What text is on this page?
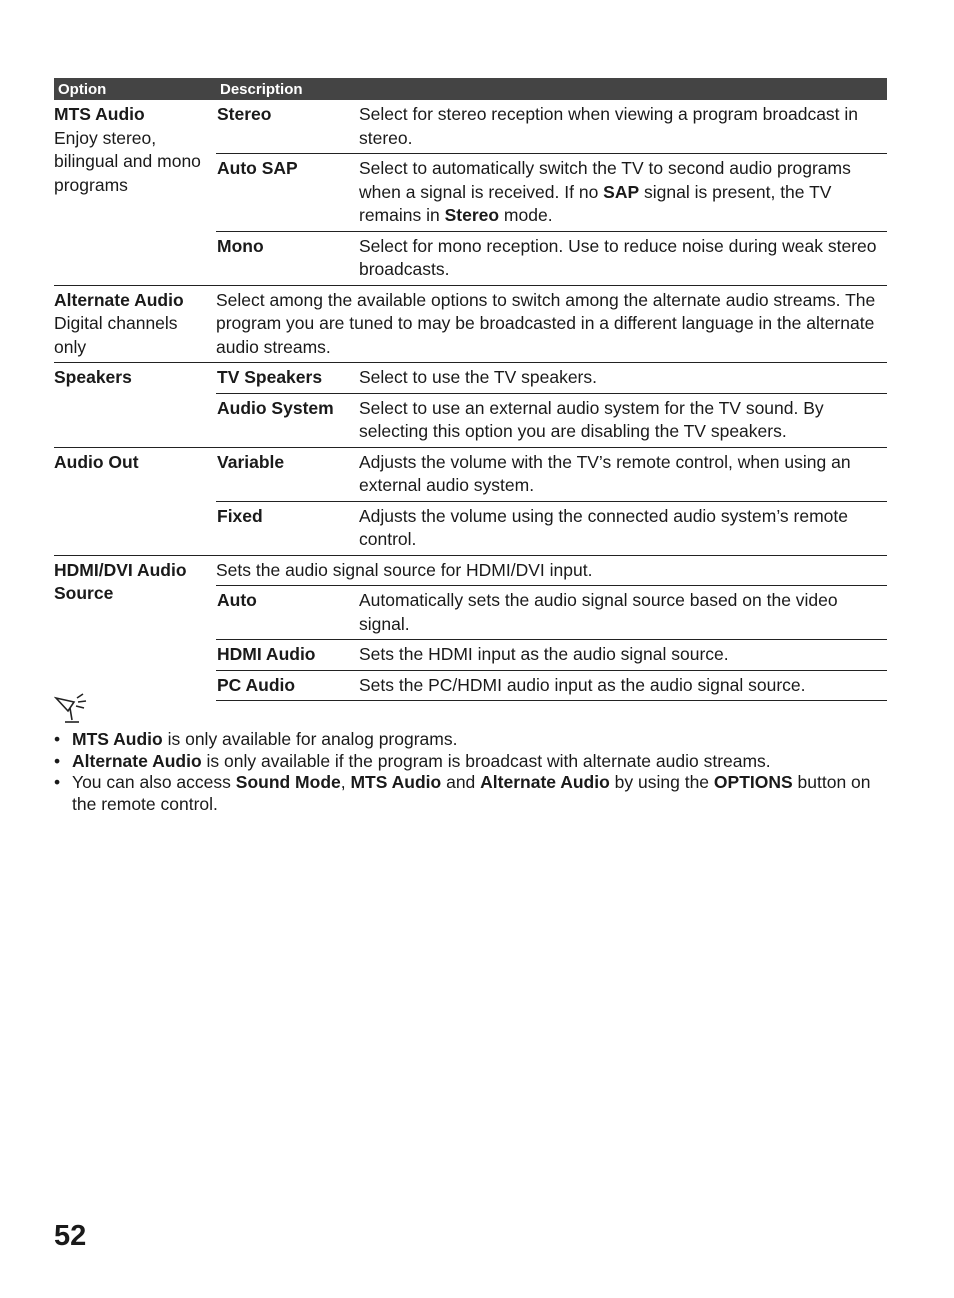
Option	Description	

MTS Audio
Enjoy stereo, bilingual and mono programs	Stereo	Select for stereo reception when viewing a program broadcast in stereo.
	Auto SAP	Select to automatically switch the TV to second audio programs when a signal is received. If no SAP signal is present, the TV remains in Stereo mode.
	Mono	Select for mono reception. Use to reduce noise during weak stereo broadcasts.

Alternate Audio
Digital channels only	Select among the available options to switch among the alternate audio streams. The program you are tuned to may be broadcasted in a different language in the alternate audio streams.	

Speakers	TV Speakers	Select to use the TV speakers.
	Audio System	Select to use an external audio system for the TV sound. By selecting this option you are disabling the TV speakers.

Audio Out	Variable	Adjusts the volume with the TV’s remote control, when using an external audio system.
	Fixed	Adjusts the volume using the connected audio system’s remote control.

HDMI/DVI Audio Source	Sets the audio signal source for HDMI/DVI input.	
	Auto	Automatically sets the audio signal source based on the video signal.
	HDMI Audio	Sets the HDMI input as the audio signal source.
	PC Audio	Sets the PC/HDMI audio input as the audio signal source.
• MTS Audio is only available for analog programs.
• Alternate Audio is only available if the program is broadcast with alternate audio streams.
• You can also access Sound Mode, MTS Audio and Alternate Audio by using the OPTIONS button on the remote control.
52
